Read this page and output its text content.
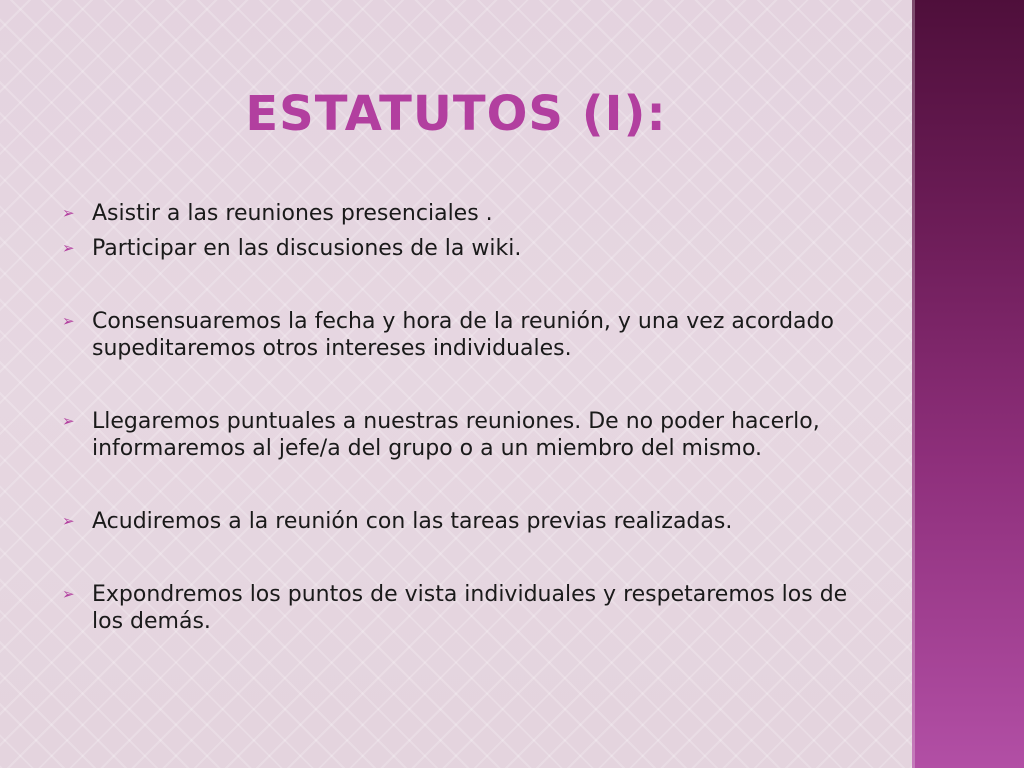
ESTATUTOS (I):
➢ Asistir a las reuniones presenciales .
➢ Participar en las discusiones de la wiki.
➢ Consensuaremos la fecha y hora de la reunión, y una vez acordado supeditaremos otros intereses individuales.
➢ Llegaremos puntuales a nuestras reuniones. De no poder hacerlo, informaremos al jefe/a del grupo o a un miembro del mismo.
➢ Acudiremos a la reunión con las tareas previas realizadas.
➢ Expondremos los puntos de vista individuales y respetaremos los de los demás.
